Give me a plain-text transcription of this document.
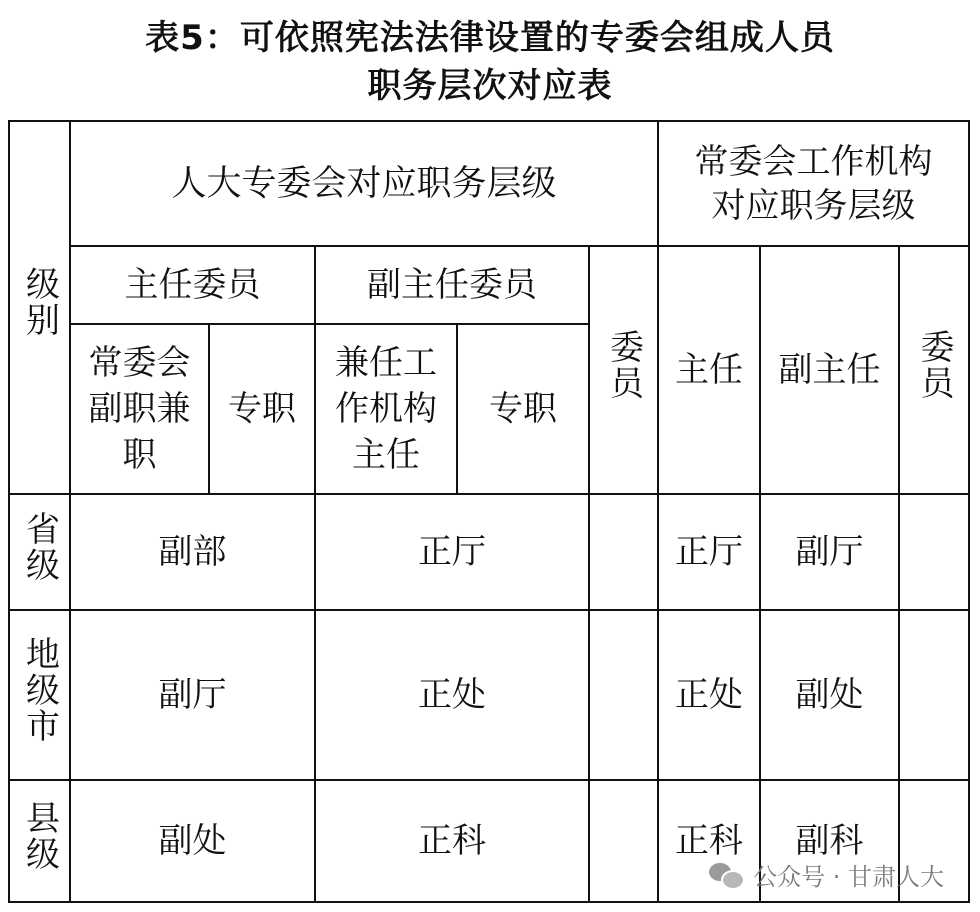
表5：可依照宪法法律设置的专委会组成人员
职务层次对应表
级别	人大专委会对应职务层级					常委会工作机构对应职务层级		

	主任委员		副主任委员		委员	主任	副主任	委员

	常委会副职兼职	专职	兼任工作机构主任	专职				
省级	副部		正厅			正厅	副厅	
地级市	副厅		正处			正处	副处	
县级	副处		正科			正科	副科	
公众号 · 甘肃人大
